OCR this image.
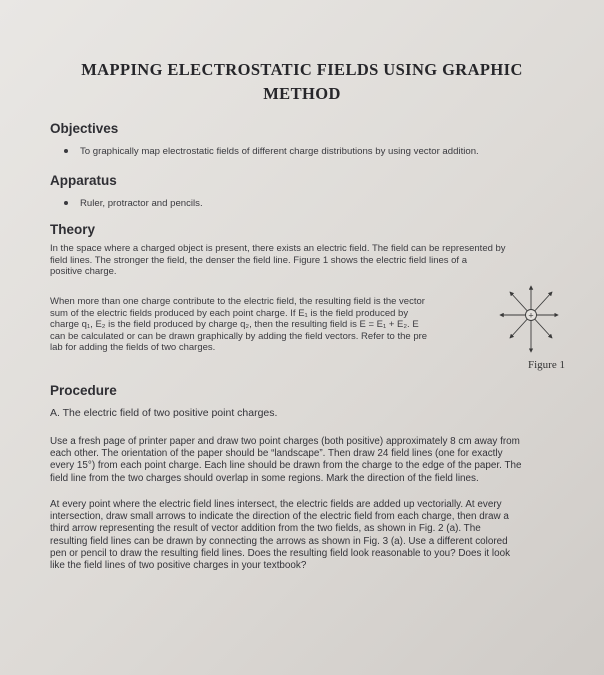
MAPPING ELECTROSTATIC FIELDS USING GRAPHIC
METHOD
Objectives
To graphically map electrostatic fields of different charge distributions by using vector addition.
Apparatus
Ruler, protractor and pencils.
Theory

In the space where a charged object is present, there exists an electric field. The field can be represented by

field lines. The stronger the field, the denser the field line. Figure 1 shows the electric field lines of a

positive charge.

When more than one charge contribute to the electric field, the resulting field is the vector

sum of the electric fields produced by each point charge. If E₁ is the field produced by

charge q₁, E₂ is the field produced by charge q₂, then the resulting field is E = E₁ + E₂. E

can be calculated or can be drawn graphically by adding the field vectors. Refer to the pre

lab for adding the fields of two charges.

+
Figure 1
Procedure
A. The electric field of two positive point charges.

Use a fresh page of printer paper and draw two point charges (both positive) approximately 8 cm away from

each other. The orientation of the paper should be “landscape”. Then draw 24 field lines (one for exactly

every 15°) from each point charge. Each line should be drawn from the charge to the edge of the paper. The

field line from the two charges should overlap in some regions. Mark the direction of the field lines.

At every point where the electric field lines intersect, the electric fields are added up vectorially. At every

intersection, draw small arrows to indicate the direction of the electric field from each charge, then draw a

third arrow representing the result of vector addition from the two fields, as shown in Fig. 2 (a). The

resulting field lines can be drawn by connecting the arrows as shown in Fig. 3 (a). Use a different colored

pen or pencil to draw the resulting field lines. Does the resulting field look reasonable to you? Does it look

like the field lines of two positive charges in your textbook?
